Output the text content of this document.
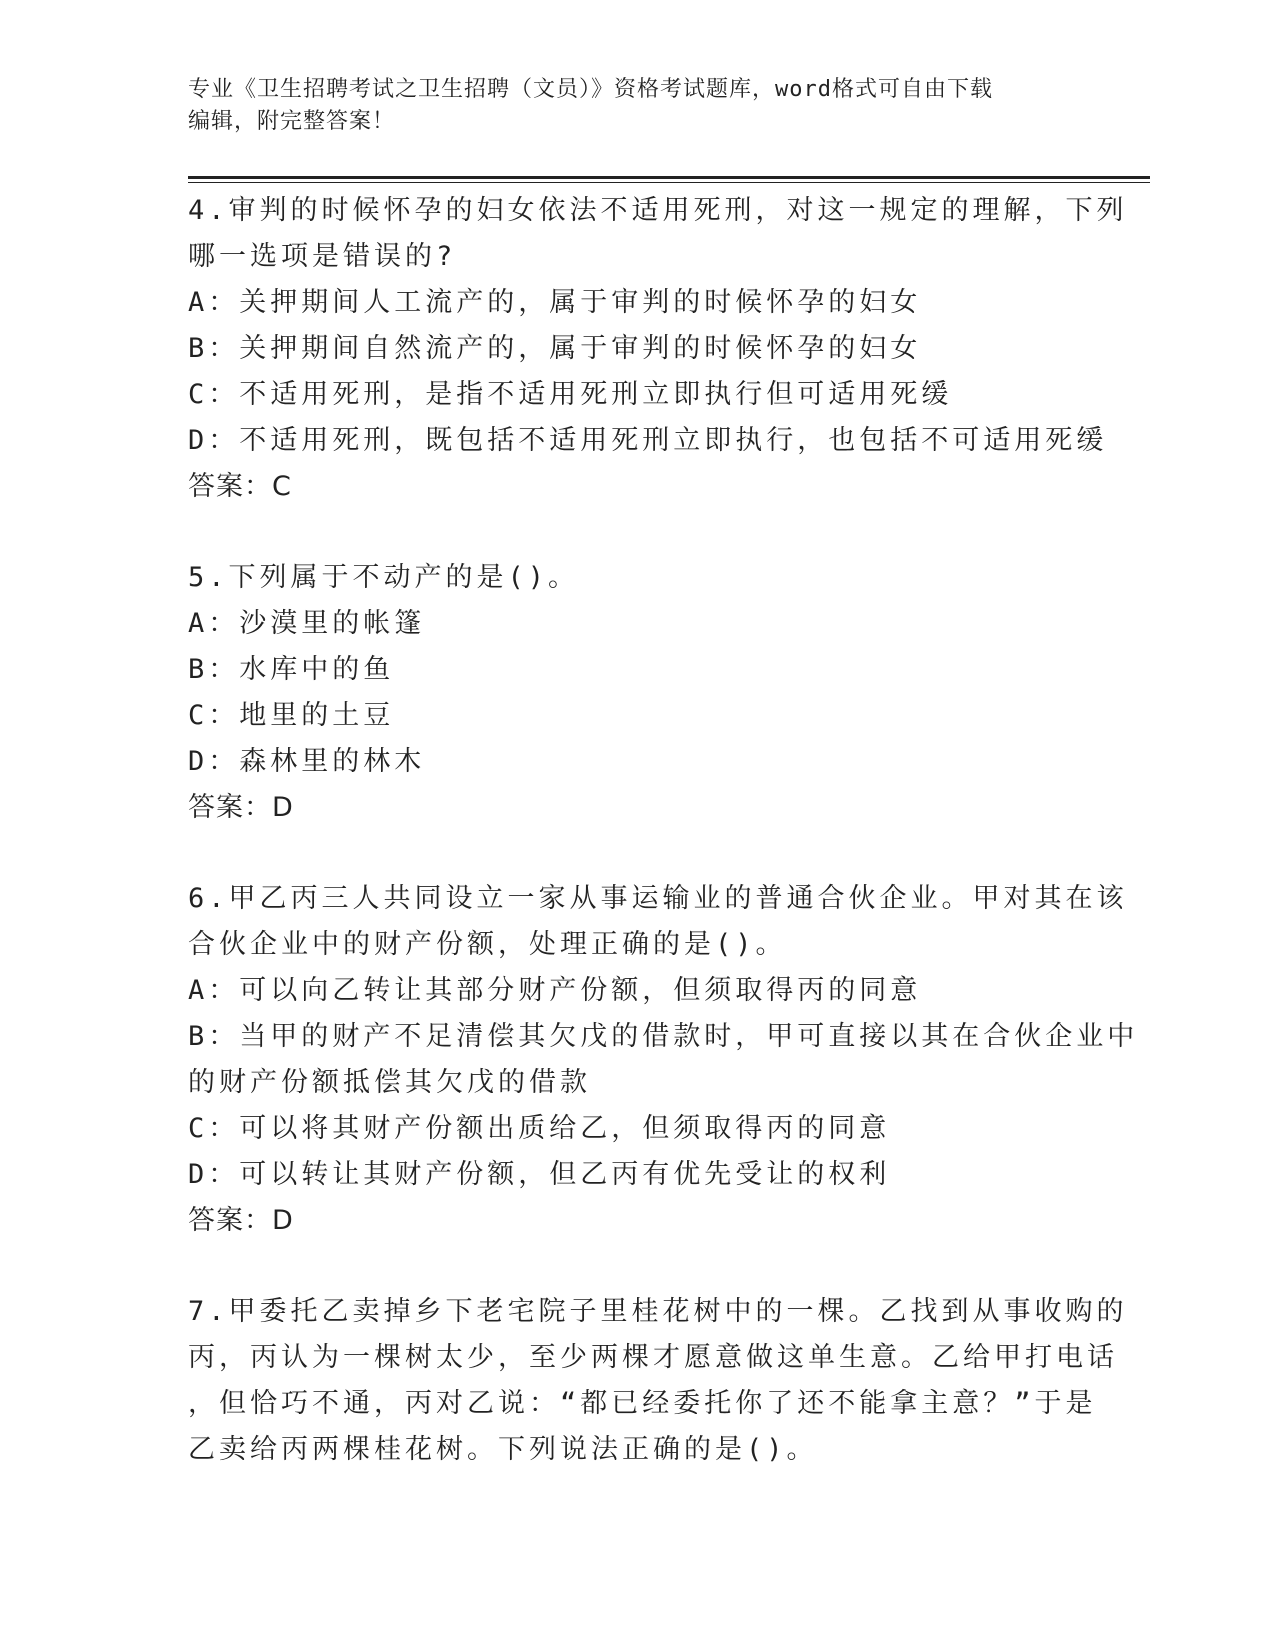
专业《卫生招聘考试之卫生招聘（文员）》资格考试题库，word格式可自由下载
编辑，附完整答案！
4.审判的时候怀孕的妇女依法不适用死刑，对这一规定的理解，下列
哪一选项是错误的?
A：关押期间人工流产的，属于审判的时候怀孕的妇女
B：关押期间自然流产的，属于审判的时候怀孕的妇女
C：不适用死刑，是指不适用死刑立即执行但可适用死缓
D：不适用死刑，既包括不适用死刑立即执行，也包括不可适用死缓
答案：C
5.下列属于不动产的是()。
A：沙漠里的帐篷
B：水库中的鱼
C：地里的土豆
D：森林里的林木
答案：D
6.甲乙丙三人共同设立一家从事运输业的普通合伙企业。甲对其在该
合伙企业中的财产份额，处理正确的是()。
A：可以向乙转让其部分财产份额，但须取得丙的同意
B：当甲的财产不足清偿其欠戊的借款时，甲可直接以其在合伙企业中
的财产份额抵偿其欠戊的借款
C：可以将其财产份额出质给乙，但须取得丙的同意
D：可以转让其财产份额，但乙丙有优先受让的权利
答案：D
7.甲委托乙卖掉乡下老宅院子里桂花树中的一棵。乙找到从事收购的
丙，丙认为一棵树太少，至少两棵才愿意做这单生意。乙给甲打电话
，但恰巧不通，丙对乙说：“都已经委托你了还不能拿主意？”于是
乙卖给丙两棵桂花树。下列说法正确的是()。
